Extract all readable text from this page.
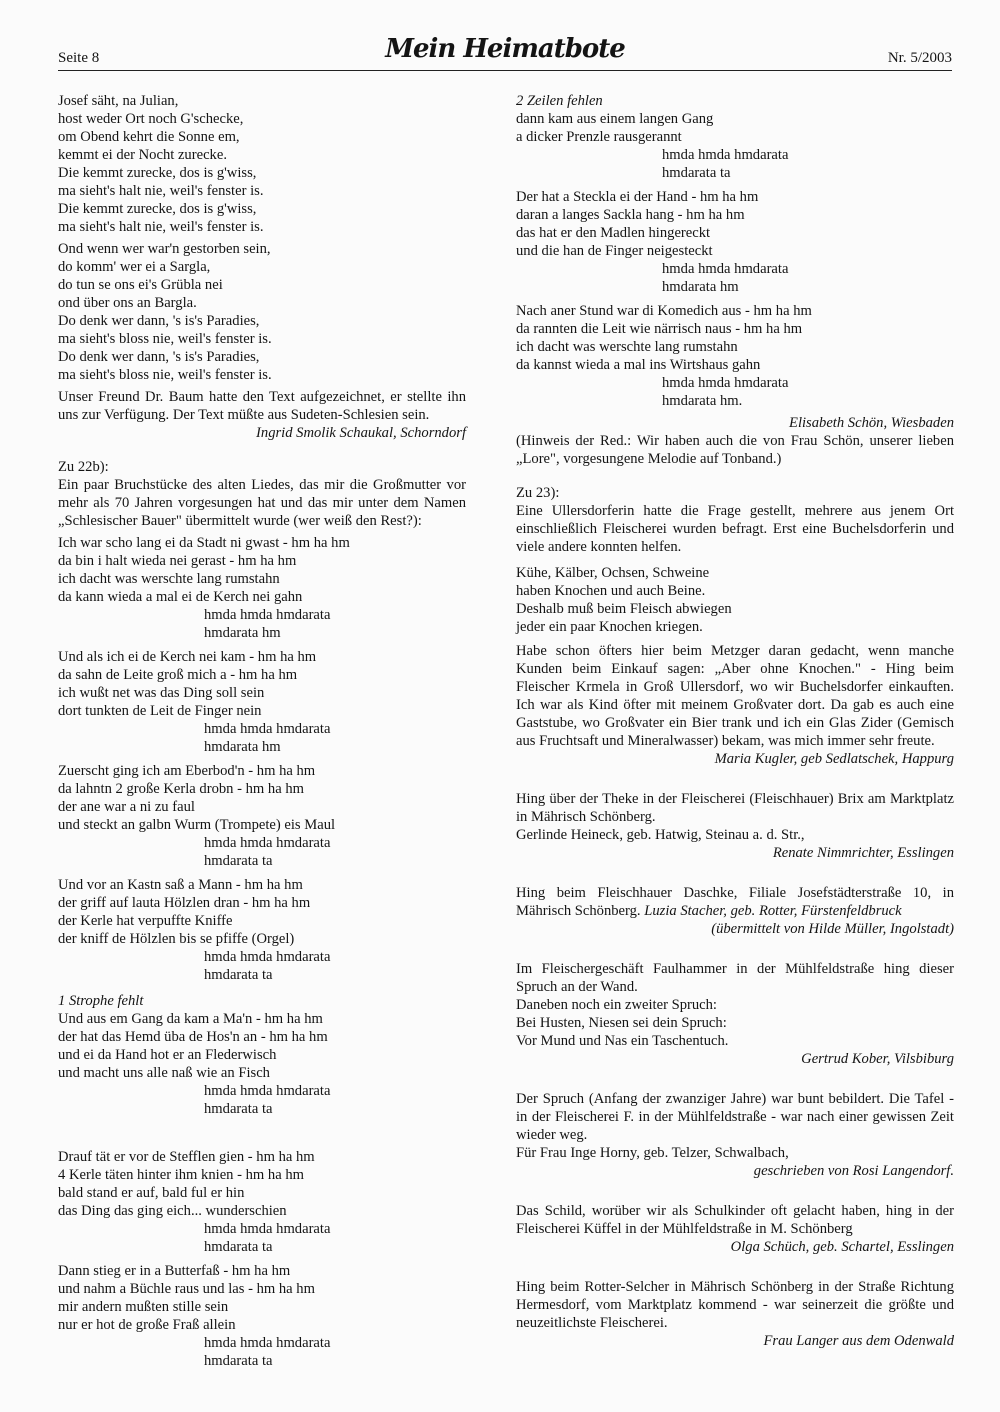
Seite 8	Mein Heimatbote	Nr. 5/2003
Josef säht, na Julian,
host weder Ort noch G'schecke,
om Obend kehrt die Sonne em,
kemmt ei der Nocht zurecke.
Die kemmt zurecke, dos is g'wiss,
ma sieht's halt nie, weil's fenster is.
Die kemmt zurecke, dos is g'wiss,
ma sieht's halt nie, weil's fenster is.
Ond wenn wer war'n gestorben sein,
do komm' wer ei a Sargla,
do tun se ons ei's Grübla nei
ond über ons an Bargla.
Do denk wer dann, 's is's Paradies,
ma sieht's bloss nie, weil's fenster is.
Do denk wer dann, 's is's Paradies,
ma sieht's bloss nie, weil's fenster is.

Unser Freund Dr. Baum hatte den Text aufgezeichnet, er stellte ihn uns zur Verfügung. Der Text müßte aus Sudeten-Schlesien sein.

Ingrid Smolik Schaukal, Schorndorf

Zu 22b):

Ein paar Bruchstücke des alten Liedes, das mir die Großmutter vor mehr als 70 Jahren vorgesungen hat und das mir unter dem Namen „Schlesischer Bauer" übermittelt wurde (wer weiß den Rest?):

Ich war scho lang ei da Stadt ni gwast - hm ha hm
da bin i halt wieda nei gerast - hm ha hm
ich dacht was werschte lang rumstahn
da kann wieda a mal ei de Kerch nei gahn
hmda hmda hmdarata
hmdarata hm
Und als ich ei de Kerch nei kam - hm ha hm
da sahn de Leite groß mich a - hm ha hm
ich wußt net was das Ding soll sein
dort tunkten de Leit de Finger nein
hmda hmda hmdarata
hmdarata hm
Zuerscht ging ich am Eberbod'n - hm ha hm
da lahntn 2 große Kerla drobn - hm ha hm
der ane war a ni zu faul
und steckt an galbn Wurm (Trompete) eis Maul
hmda hmda hmdarata
hmdarata ta
Und vor an Kastn saß a Mann - hm ha hm
der griff auf lauta Hölzlen dran - hm ha hm
der Kerle hat verpuffte Kniffe
der kniff de Hölzlen bis se pfiffe (Orgel)
hmda hmda hmdarata
hmdarata ta
1 Strophe fehlt
Und aus em Gang da kam a Ma'n - hm ha hm
der hat das Hemd üba de Hos'n an - hm ha hm
und ei da Hand hot er an Flederwisch
und macht uns alle naß wie an Fisch
hmda hmda hmdarata
hmdarata ta
Drauf tät er vor de Stefflen gien - hm ha hm
4 Kerle täten hinter ihm knien - hm ha hm
bald stand er auf, bald ful er hin
das Ding das ging eich... wunderschien
hmda hmda hmdarata
hmdarata ta
Dann stieg er in a Butterfaß - hm ha hm
und nahm a Büchle raus und las - hm ha hm
mir andern mußten stille sein
nur er hot de große Fraß allein
hmda hmda hmdarata
hmdarata ta
2 Zeilen fehlen
dann kam aus einem langen Gang
a dicker Prenzle rausgerannt
hmda hmda hmdarata
hmdarata ta
Der hat a Steckla ei der Hand - hm ha hm
daran a langes Sackla hang - hm ha hm
das hat er den Madlen hingereckt
und die han de Finger neigesteckt
hmda hmda hmdarata
hmdarata hm
Nach aner Stund war di Komedich aus - hm ha hm
da rannten die Leit wie närrisch naus - hm ha hm
ich dacht was werschte lang rumstahn
da kannst wieda a mal ins Wirtshaus gahn
hmda hmda hmdarata
hmdarata hm.
Elisabeth Schön, Wiesbaden

(Hinweis der Red.: Wir haben auch die von Frau Schön, unserer lieben „Lore", vorgesungene Melodie auf Tonband.)

Zu 23):

Eine Ullersdorferin hatte die Frage gestellt, mehrere aus jenem Ort einschließlich Fleischerei wurden befragt. Erst eine Buchelsdorferin und viele andere konnten helfen.

Kühe, Kälber, Ochsen, Schweine
haben Knochen und auch Beine.
Deshalb muß beim Fleisch abwiegen
jeder ein paar Knochen kriegen.

Habe schon öfters hier beim Metzger daran gedacht, wenn manche Kunden beim Einkauf sagen: „Aber ohne Knochen." - Hing beim Fleischer Krmela in Groß Ullersdorf, wo wir Buchelsdorfer einkauften. Ich war als Kind öfter mit meinem Großvater dort. Da gab es auch eine Gaststube, wo Großvater ein Bier trank und ich ein Glas Zider (Gemisch aus Fruchtsaft und Mineralwasser) bekam, was mich immer sehr freute.

Maria Kugler, geb Sedlatschek, Happurg

Hing über der Theke in der Fleischerei (Fleischhauer) Brix am Marktplatz in Mährisch Schönberg.

Gerlinde Heineck, geb. Hatwig, Steinau a. d. Str.,
Renate Nimmrichter, Esslingen

Hing beim Fleischhauer Daschke, Filiale Josefstädterstraße 10, in Mährisch Schönberg. Luzia Stacher, geb. Rotter, Fürstenfeldbruck

(übermittelt von Hilde Müller, Ingolstadt)

Im Fleischergeschäft Faulhammer in der Mühlfeldstraße hing dieser Spruch an der Wand.

Daneben noch ein zweiter Spruch:
Bei Husten, Niesen sei dein Spruch:
Vor Mund und Nas ein Taschentuch.
Gertrud Kober, Vilsbiburg

Der Spruch (Anfang der zwanziger Jahre) war bunt bebildert. Die Tafel - in der Fleischerei F. in der Mühlfeldstraße - war nach einer gewissen Zeit wieder weg.

Für Frau Inge Horny, geb. Telzer, Schwalbach,
geschrieben von Rosi Langendorf.

Das Schild, worüber wir als Schulkinder oft gelacht haben, hing in der Fleischerei Küffel in der Mühlfeldstraße in M. Schönberg

Olga Schüch, geb. Schartel, Esslingen

Hing beim Rotter-Selcher in Mährisch Schönberg in der Straße Richtung Hermesdorf, vom Marktplatz kommend - war seinerzeit die größte und neuzeitlichste Fleischerei.

Frau Langer aus dem Odenwald
